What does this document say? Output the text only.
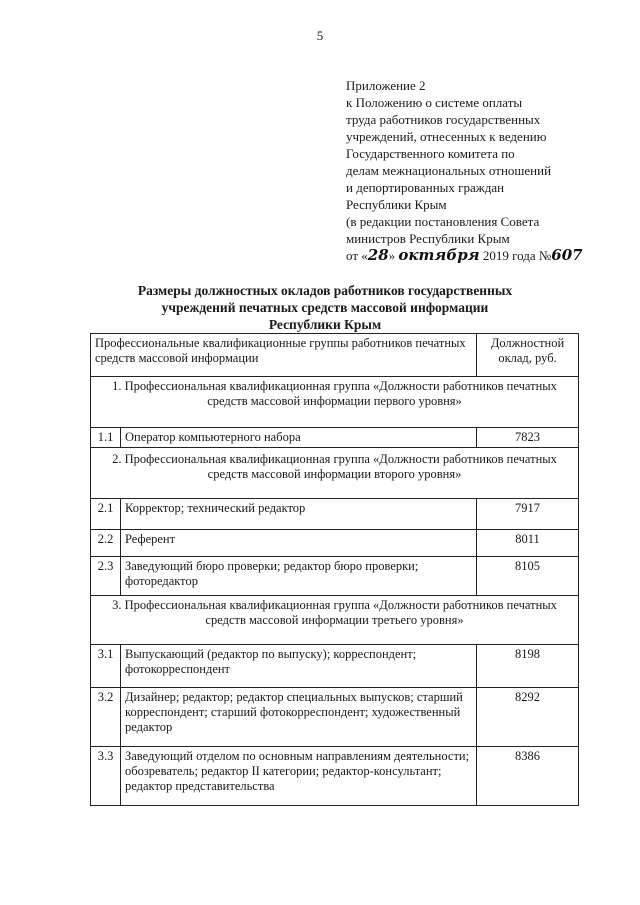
5
Приложение 2
к Положению о системе оплаты
труда работников государственных
учреждений, отнесенных к ведению
Государственного комитета по
делам межнациональных отношений
и депортированных граждан
Республики Крым
(в редакции постановления Совета
министров Республики Крым
от «28» октября 2019 года №607
Размеры должностных окладов работников государственных
учреждений печатных средств массовой информации
Республики Крым
Профессиональные квалификационные группы работников печатных средств массовой информации		Должностной оклад, руб.
1. Профессиональная квалификационная группа «Должности работников печатных средств массовой информации первого уровня»		
1.1	Оператор компьютерного набора	7823
2. Профессиональная квалификационная группа «Должности работников печатных средств массовой информации второго уровня»		
2.1	Корректор; технический редактор	7917
2.2	Референт	8011
2.3	Заведующий бюро проверки; редактор бюро проверки; фоторедактор	8105
3. Профессиональная квалификационная группа «Должности работников печатных средств массовой информации третьего уровня»		
3.1	Выпускающий (редактор по выпуску); корреспондент; фотокорреспондент	8198
3.2	Дизайнер; редактор; редактор специальных выпусков; старший корреспондент; старший фотокорреспондент; художественный редактор	8292
3.3	Заведующий отделом по основным направлениям деятельности; обозреватель; редактор II категории; редактор-консультант; редактор представительства	8386
